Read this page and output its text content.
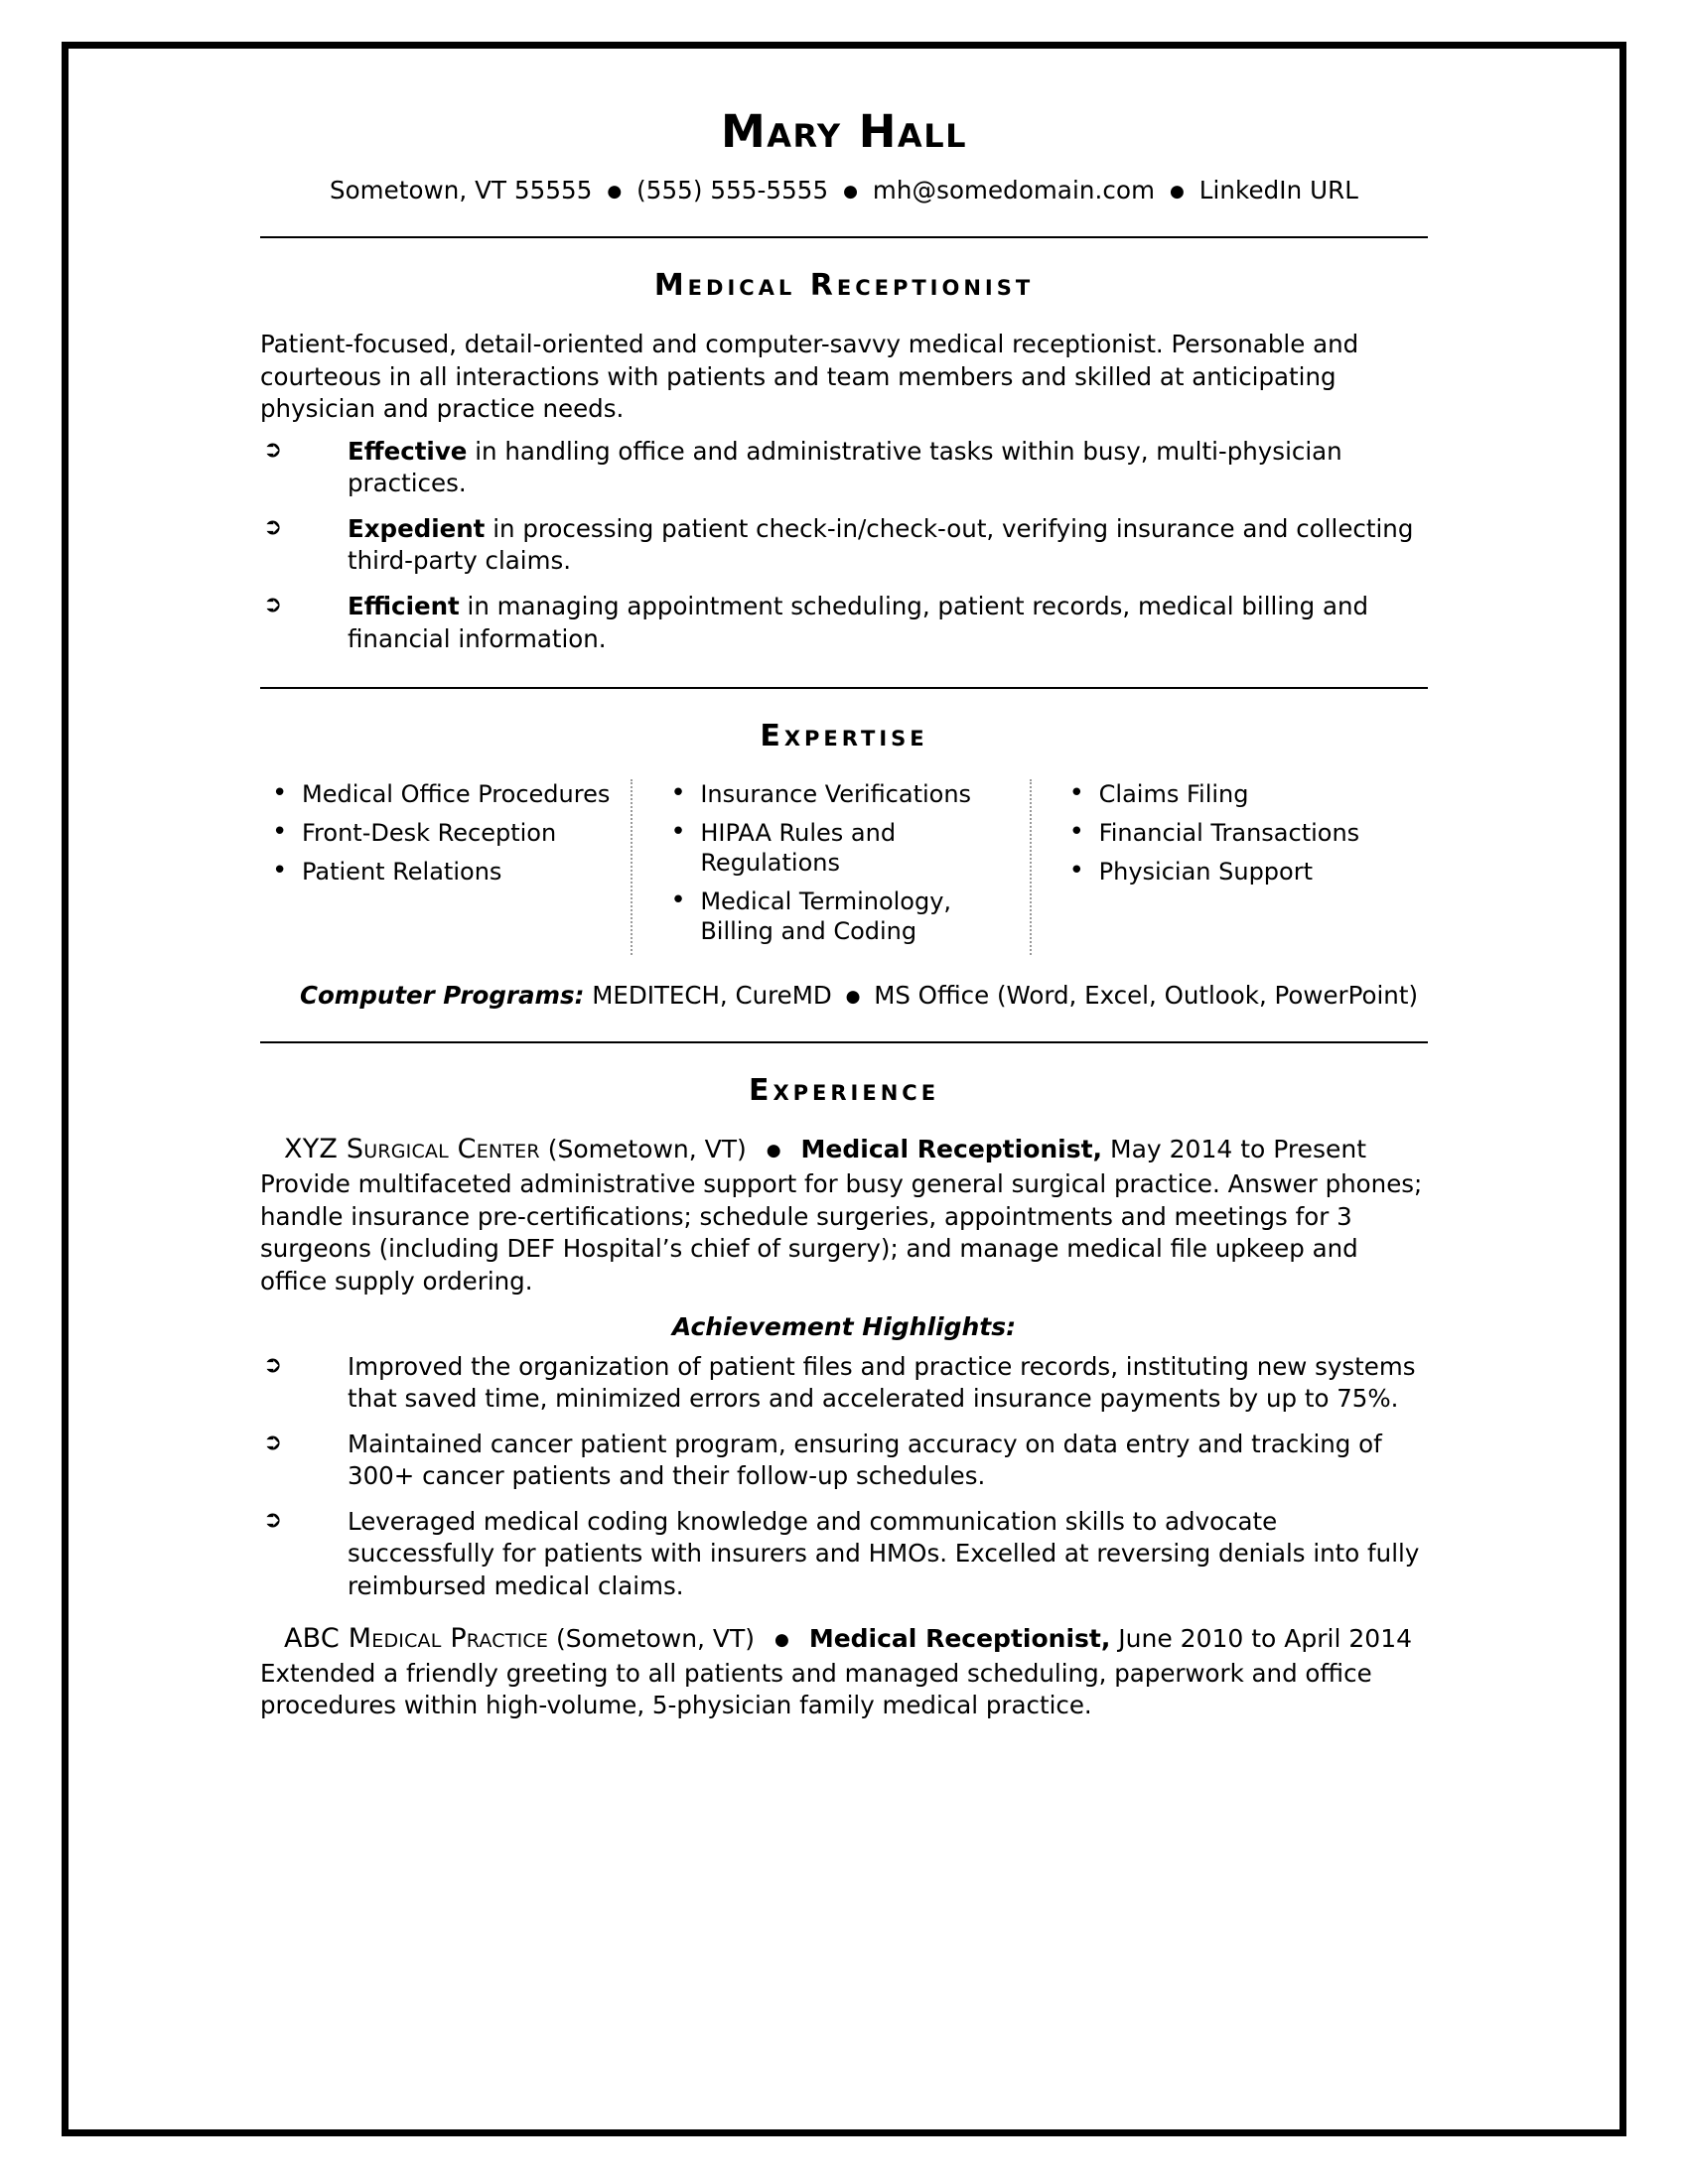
Mary Hall
Sometown, VT 55555 ● (555) 555-5555 ● mh@somedomain.com ● LinkedIn URL
Medical Receptionist

Patient-focused, detail-oriented and computer-savvy medical receptionist. Personable and courteous in all interactions with patients and team members and skilled at anticipating physician and practice needs.

➲	Effective in handling office and administrative tasks within busy, multi-physician practices.
➲	Expedient in processing patient check-in/check-out, verifying insurance and collecting third-party claims.
➲	Efficient in managing appointment scheduling, patient records, medical billing and financial information.
Expertise
• Medical Office Procedures
• Front-Desk Reception
• Patient Relations
• Insurance Verifications
• HIPAA Rules and Regulations
• Medical Terminology, Billing and Coding
• Claims Filing
• Financial Transactions
• Physician Support
Computer Programs: MEDITECH, CureMD ● MS Office (Word, Excel, Outlook, PowerPoint)
Experience
XYZ Surgical Center (Sometown, VT) ● Medical Receptionist, May 2014 to Present

Provide multifaceted administrative support for busy general surgical practice. Answer phones; handle insurance pre-certifications; schedule surgeries, appointments and meetings for 3 surgeons (including DEF Hospital’s chief of surgery); and manage medical file upkeep and office supply ordering.

Achievement Highlights:
➲	Improved the organization of patient files and practice records, instituting new systems that saved time, minimized errors and accelerated insurance payments by up to 75%.
➲	Maintained cancer patient program, ensuring accuracy on data entry and tracking of 300+ cancer patients and their follow-up schedules.
➲	Leveraged medical coding knowledge and communication skills to advocate successfully for patients with insurers and HMOs. Excelled at reversing denials into fully reimbursed medical claims.
ABC Medical Practice (Sometown, VT) ● Medical Receptionist, June 2010 to April 2014

Extended a friendly greeting to all patients and managed scheduling, paperwork and office procedures within high-volume, 5-physician family medical practice.
